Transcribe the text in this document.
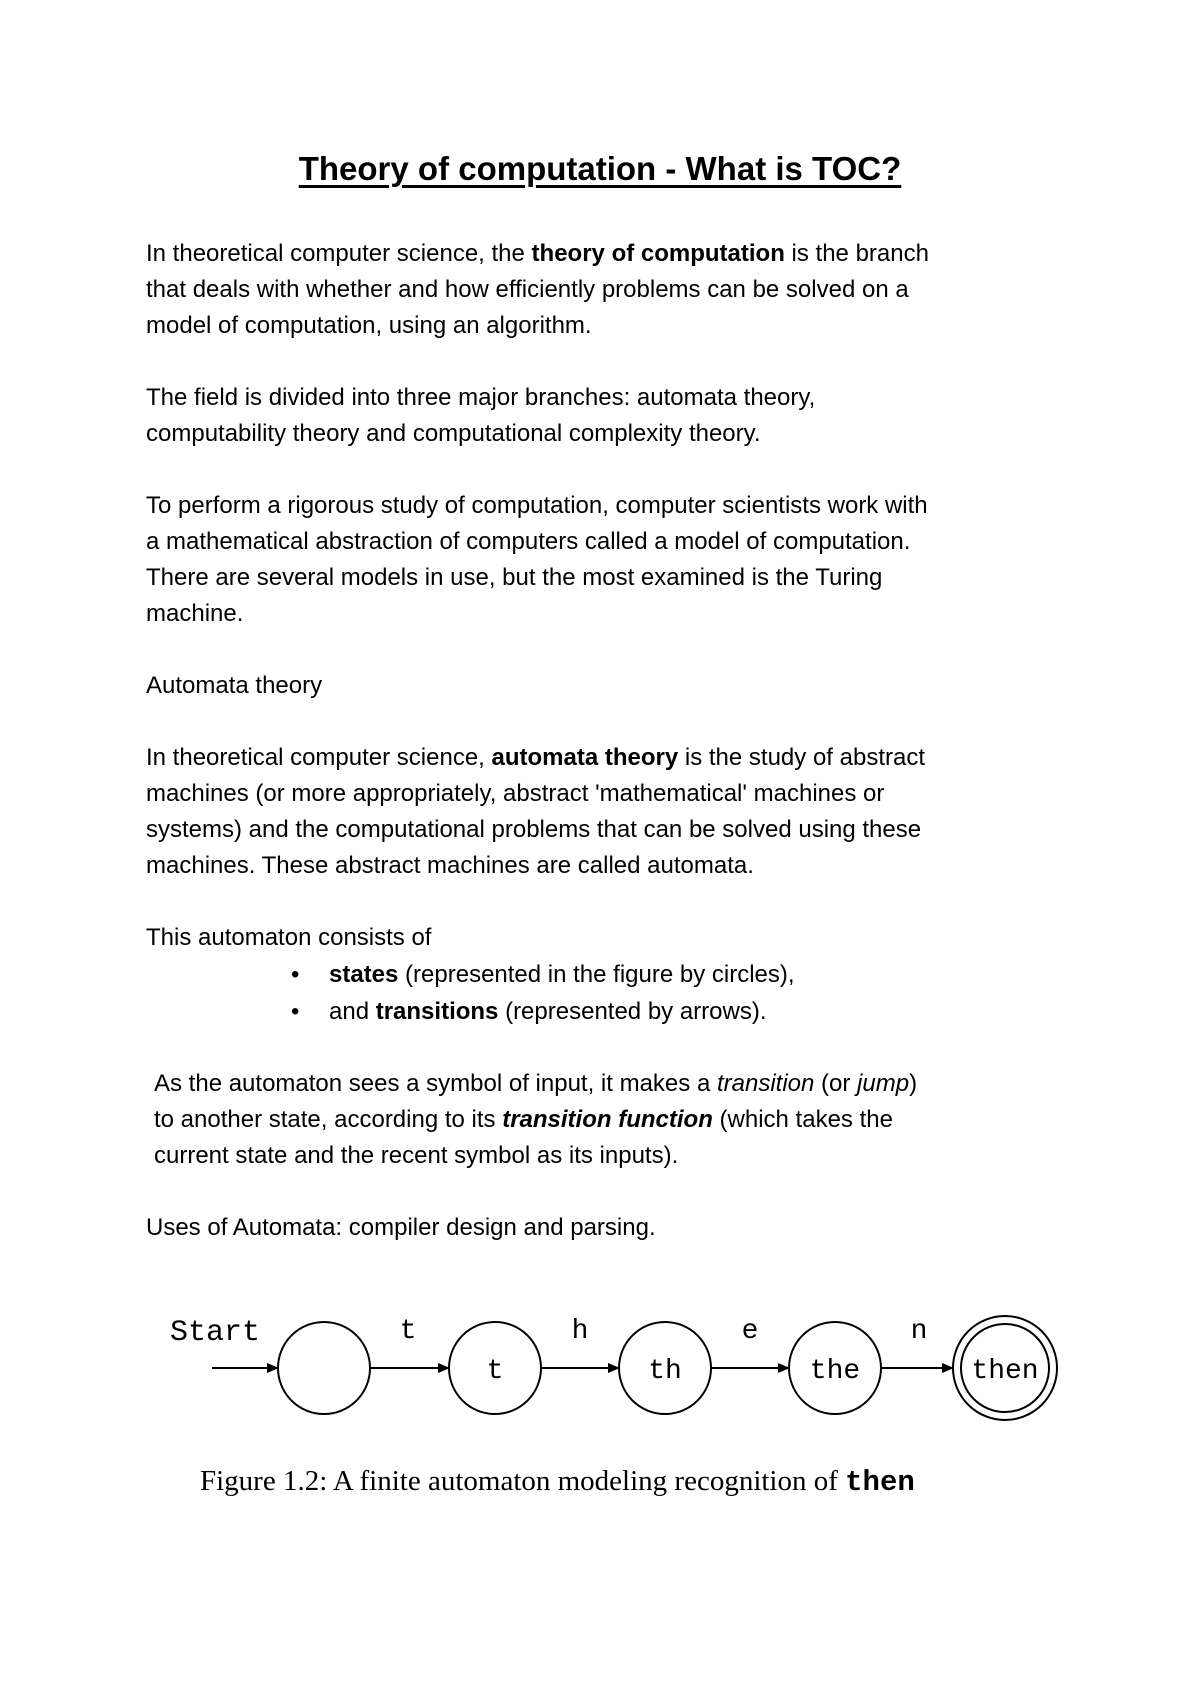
Theory of computation - What is TOC?

In theoretical computer science, the theory of computation is the branch that deals with whether and how efficiently problems can be solved on a model of computation, using an algorithm.

The field is divided into three major branches: automata theory, computability theory and computational complexity theory.

To perform a rigorous study of computation, computer scientists work with a mathematical abstraction of computers called a model of computation. There are several models in use, but the most examined is the Turing machine.

Automata theory

In theoretical computer science, automata theory is the study of abstract machines (or more appropriately, abstract 'mathematical' machines or systems) and the computational problems that can be solved using these machines. These abstract machines are called automata.

This automaton consists of

• states (represented in the figure by circles),
• and transitions (represented by arrows).

As the automaton sees a symbol of input, it makes a transition (or jump) to another state, according to its transition function (which takes the current state and the recent symbol as its inputs).

Uses of Automata: compiler design and parsing.

Start	t	h	e	n
t	th	the	then
Figure 1.2: A finite automaton modeling recognition of then
